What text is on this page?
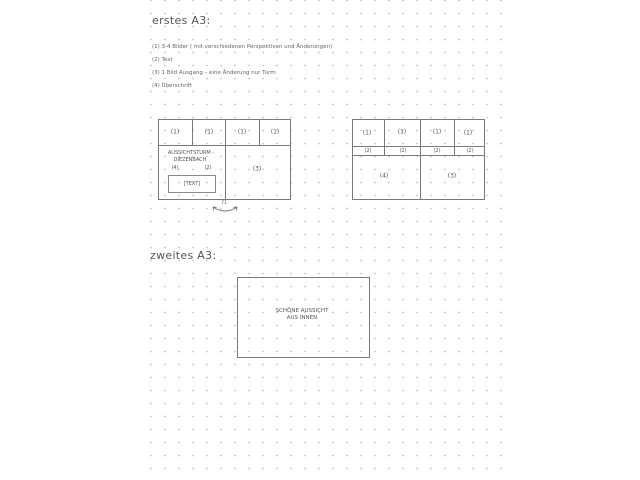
erstes A3:
(1) 3-4 Bilder ( mit verschiedenen Perspektiven und Änderungen)
(2) Text
(3) 1 Bild Ausgang – eine Änderung nur Turm
(4) Überschrift
(1)	(1)	(1)	(1)
AUSSICHTSTURM -
DIEZENBACH
(4)	(2)
[TEXT]
(3)
71
(1)	(1)	(1)	(1)
(2)	(2)	(2)	(2)
(4)	(3)
zweites A3:
SCHÖNE AUSSICHT
AUS INNEN
